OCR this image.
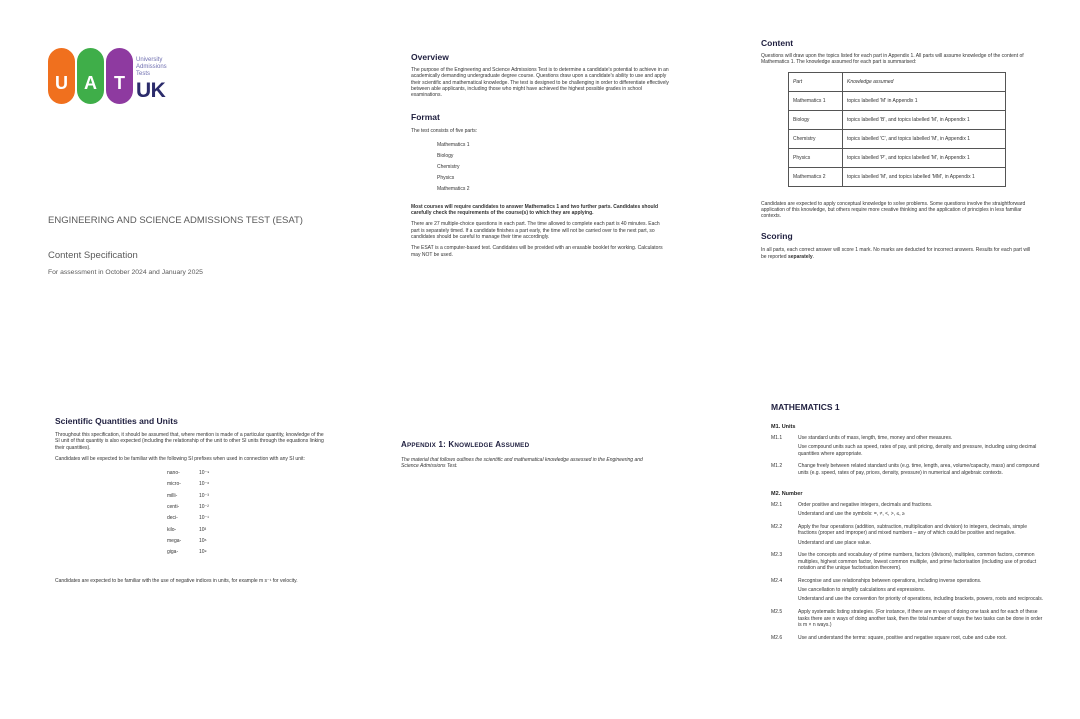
U A T
University
Admissions
Tests
UK
ENGINEERING AND SCIENCE ADMISSIONS TEST (ESAT)
Content Specification
For assessment in October 2024 and January 2025

Overview

The purpose of the Engineering and Science Admissions Test is to determine a candidate's potential to achieve in an academically demanding undergraduate degree course. Questions draw upon a candidate's ability to use and apply their scientific and mathematical knowledge. The test is designed to be challenging in order to differentiate effectively between able applicants, including those who might have achieved the highest possible grades in school examinations.

Format

The test consists of five parts:

Mathematics 1
Biology
Chemistry
Physics
Mathematics 2

Most courses will require candidates to answer Mathematics 1 and two further parts. Candidates should carefully check the requirements of the course(s) to which they are applying.

There are 27 multiple-choice questions in each part. The time allowed to complete each part is 40 minutes. Each part is separately timed. If a candidate finishes a part early, the time will not be carried over to the next part, so candidates should be careful to manage their time accordingly.

The ESAT is a computer-based test. Candidates will be provided with an erasable booklet for working. Calculators may NOT be used.

Content

Questions will draw upon the topics listed for each part in Appendix 1. All parts will assume knowledge of the content of Mathematics 1. The knowledge assumed for each part is summarised:

Part	Knowledge assumed
Mathematics 1	topics labelled 'M' in Appendix 1
Biology	topics labelled 'B', and topics labelled 'M', in Appendix 1
Chemistry	topics labelled 'C', and topics labelled 'M', in Appendix 1
Physics	topics labelled 'P', and topics labelled 'M', in Appendix 1
Mathematics 2	topics labelled 'M', and topics labelled 'MM', in Appendix 1

Candidates are expected to apply conceptual knowledge to solve problems. Some questions involve the straightforward application of this knowledge, but others require more creative thinking and the application of principles in less familiar contexts.

Scoring

In all parts, each correct answer will score 1 mark. No marks are deducted for incorrect answers. Results for each part will be reported separately.

Scientific Quantities and Units

Throughout this specification, it should be assumed that, where mention is made of a particular quantity, knowledge of the SI unit of that quantity is also expected (including the relationship of the unit to other SI units through the equations linking their quantities).

Candidates will be expected to be familiar with the following SI prefixes when used in connection with any SI unit:

nano-	10⁻⁹
micro-	10⁻⁶
milli-	10⁻³
centi-	10⁻²
deci-	10⁻¹
kilo-	10³
mega-	10⁶
giga-	10⁹

Candidates are expected to be familiar with the use of negative indices in units, for example m s⁻¹ for velocity.

APPENDIX 1: KNOWLEDGE ASSUMED

The material that follows outlines the scientific and mathematical knowledge assessed in the Engineering and Science Admissions Test.

MATHEMATICS 1

M1. Units
M1.1	Use standard units of mass, length, time, money and other measures.

Use compound units such as speed, rates of pay, unit pricing, density and pressure, including using decimal quantities where appropriate.

M1.2	Change freely between related standard units (e.g. time, length, area, volume/capacity, mass) and compound units (e.g. speed, rates of pay, prices, density, pressure) in numerical and algebraic contexts.

M2. Number
M2.1	Order positive and negative integers, decimals and fractions.

Understand and use the symbols: =, ≠, <, >, ≤, ≥

M2.2	Apply the four operations (addition, subtraction, multiplication and division) to integers, decimals, simple fractions (proper and improper) and mixed numbers – any of which could be positive and negative.

Understand and use place value.

M2.3	Use the concepts and vocabulary of prime numbers, factors (divisors), multiples, common factors, common multiples, highest common factor, lowest common multiple, and prime factorisation (including use of product notation and the unique factorisation theorem).

M2.4	Recognise and use relationships between operations, including inverse operations.

Use cancellation to simplify calculations and expressions.

Understand and use the convention for priority of operations, including brackets, powers, roots and reciprocals.

M2.5	Apply systematic listing strategies. (For instance, if there are m ways of doing one task and for each of these tasks there are n ways of doing another task, then the total number of ways the two tasks can be done in order is m × n ways.)

M2.6	Use and understand the terms: square, positive and negative square root, cube and cube root.
